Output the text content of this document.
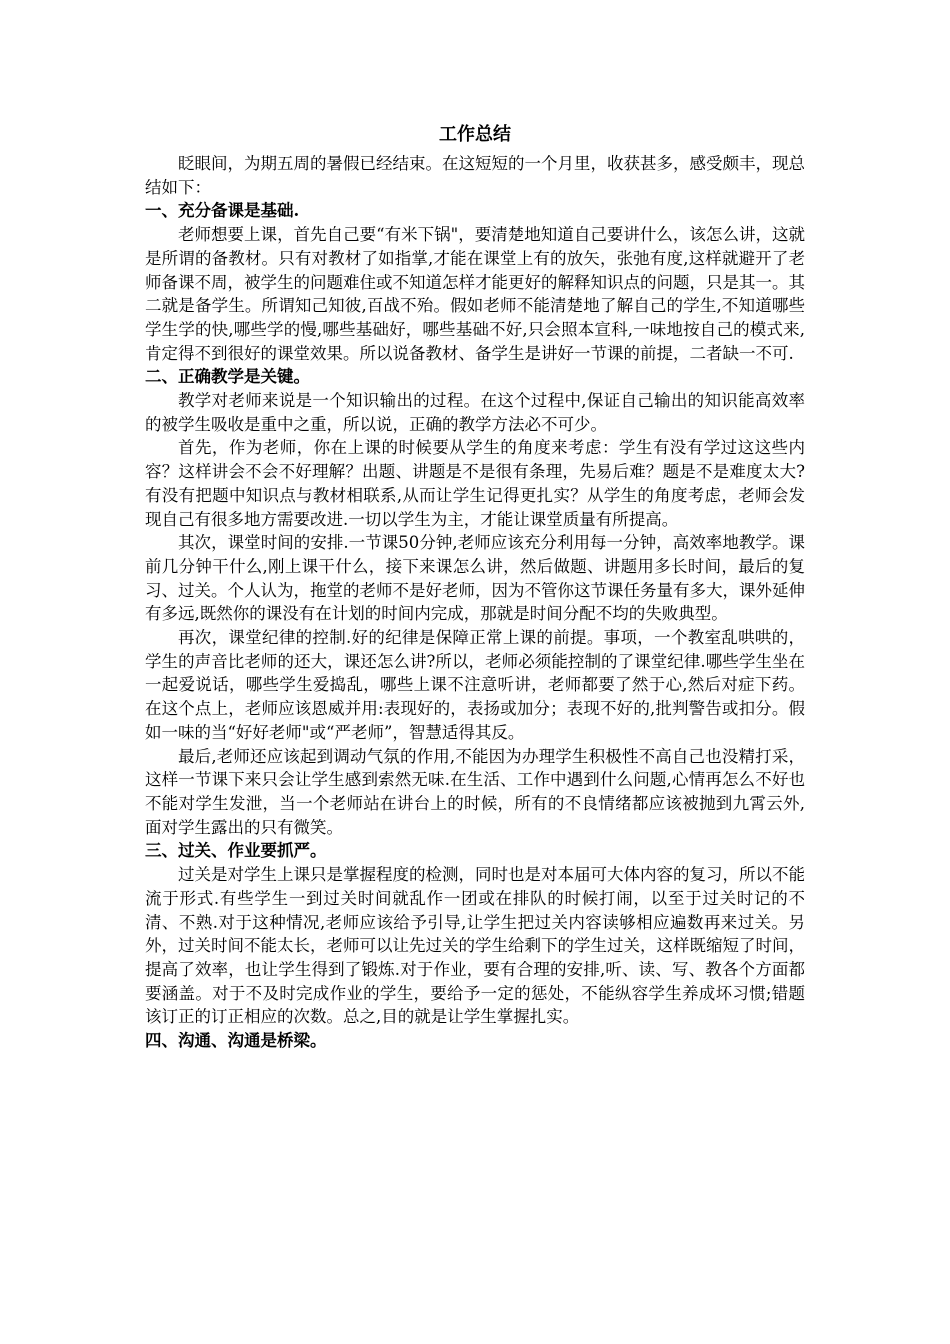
工作总结

眨眼间，为期五周的暑假已经结束。在这短短的一个月里，收获甚多，感受颇丰，现总结如下：

一、充分备课是基础.

老师想要上课，首先自己要“有米下锅"，要清楚地知道自己要讲什么，该怎么讲，这就是所谓的备教材。只有对教材了如指掌,才能在课堂上有的放矢，张弛有度,这样就避开了老师备课不周，被学生的问题难住或不知道怎样才能更好的解释知识点的问题，只是其一。其二就是备学生。所谓知己知彼,百战不殆。假如老师不能清楚地了解自己的学生,不知道哪些学生学的快,哪些学的慢,哪些基础好，哪些基础不好,只会照本宣科,一味地按自己的模式来,肯定得不到很好的课堂效果。所以说备教材、备学生是讲好一节课的前提，二者缺一不可.

二、正确教学是关键。

教学对老师来说是一个知识输出的过程。在这个过程中,保证自己输出的知识能高效率的被学生吸收是重中之重，所以说，正确的教学方法必不可少。

首先，作为老师，你在上课的时候要从学生的角度来考虑：学生有没有学过这这些内容？这样讲会不会不好理解？出题、讲题是不是很有条理，先易后难？题是不是难度太大?有没有把题中知识点与教材相联系,从而让学生记得更扎实？从学生的角度考虑，老师会发现自己有很多地方需要改进.一切以学生为主，才能让课堂质量有所提高。

其次，课堂时间的安排.一节课50分钟,老师应该充分利用每一分钟，高效率地教学。课前几分钟干什么,刚上课干什么，接下来课怎么讲，然后做题、讲题用多长时间，最后的复习、过关。个人认为，拖堂的老师不是好老师，因为不管你这节课任务量有多大，课外延伸有多远,既然你的课没有在计划的时间内完成，那就是时间分配不均的失败典型。

再次，课堂纪律的控制.好的纪律是保障正常上课的前提。事项，一个教室乱哄哄的，学生的声音比老师的还大，课还怎么讲?所以，老师必须能控制的了课堂纪律.哪些学生坐在一起爱说话，哪些学生爱捣乱，哪些上课不注意听讲，老师都要了然于心,然后对症下药。在这个点上，老师应该恩威并用:表现好的，表扬或加分；表现不好的,批判警告或扣分。假如一味的当“好好老师"或“严老师”，智慧适得其反。

最后,老师还应该起到调动气氛的作用,不能因为办理学生积极性不高自己也没精打采，这样一节课下来只会让学生感到索然无味.在生活、工作中遇到什么问题,心情再怎么不好也不能对学生发泄，当一个老师站在讲台上的时候，所有的不良情绪都应该被抛到九霄云外,面对学生露出的只有微笑。

三、过关、作业要抓严。

过关是对学生上课只是掌握程度的检测，同时也是对本届可大体内容的复习，所以不能流于形式.有些学生一到过关时间就乱作一团或在排队的时候打闹，以至于过关时记的不清、不熟.对于这种情况,老师应该给予引导,让学生把过关内容读够相应遍数再来过关。另外，过关时间不能太长，老师可以让先过关的学生给剩下的学生过关，这样既缩短了时间，提高了效率，也让学生得到了锻炼.对于作业，要有合理的安排,听、读、写、教各个方面都要涵盖。对于不及时完成作业的学生，要给予一定的惩处，不能纵容学生养成坏习惯;错题该订正的订正相应的次数。总之,目的就是让学生掌握扎实。

四、沟通、沟通是桥梁。
